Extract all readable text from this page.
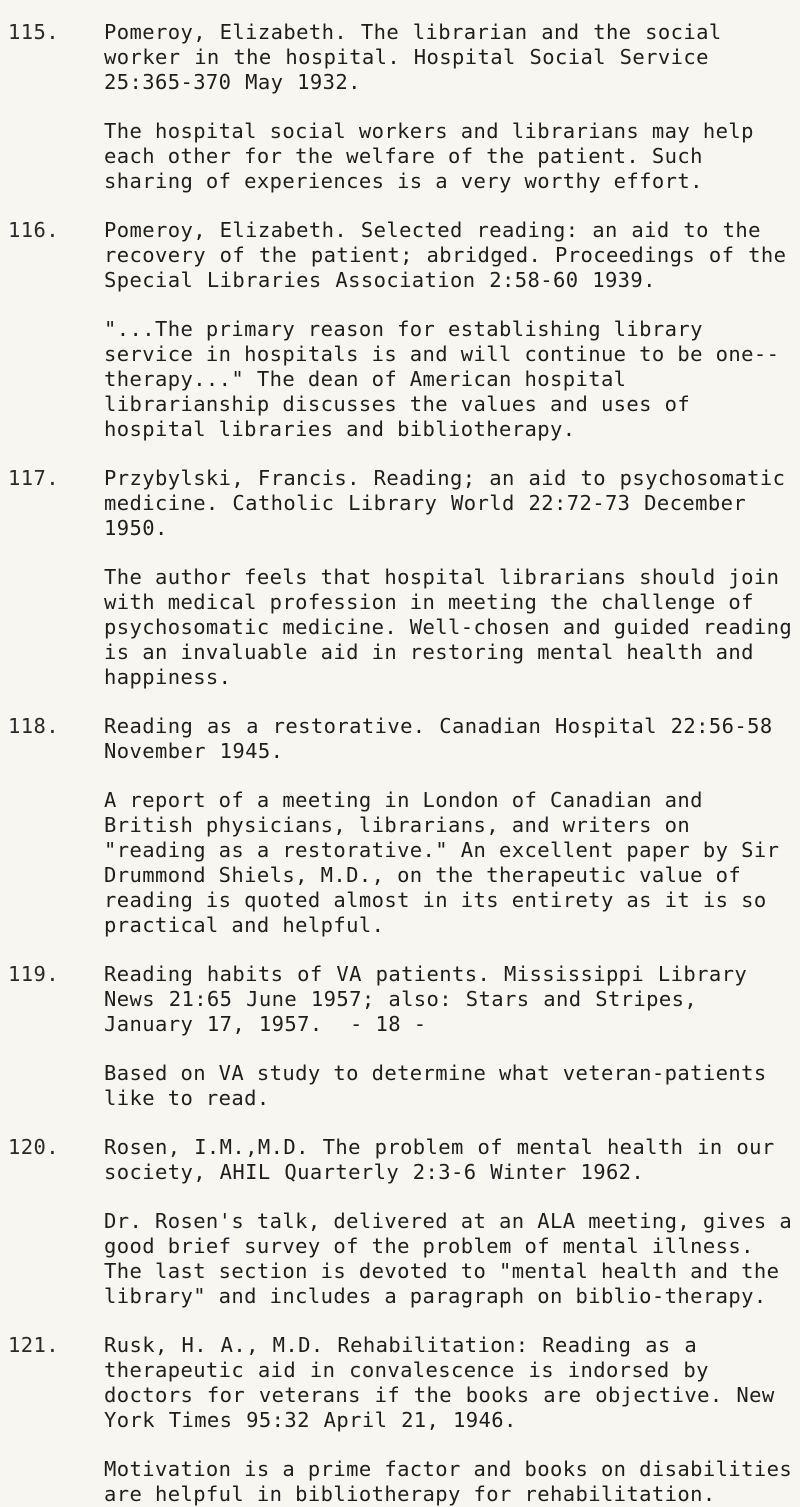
115. Pomeroy, Elizabeth. The librarian and the social worker in the hospital. Hospital Social Service 25:365-370 May 1932.

The hospital social workers and librarians may help each other for the welfare of the patient. Such sharing of experiences is a very worthy effort.

116. Pomeroy, Elizabeth. Selected reading: an aid to the recovery of the patient; abridged. Proceedings of the Special Libraries Association 2:58-60 1939.

"...The primary reason for establishing library service in hospitals is and will continue to be one--therapy..." The dean of American hospital librarianship discusses the values and uses of hospital libraries and bibliotherapy.

117. Przybylski, Francis. Reading; an aid to psychosomatic medicine. Catholic Library World 22:72-73 December 1950.

The author feels that hospital librarians should join with medical profession in meeting the challenge of psychosomatic medicine. Well-chosen and guided reading is an invaluable aid in restoring mental health and happiness.

118. Reading as a restorative. Canadian Hospital 22:56-58 November 1945.

A report of a meeting in London of Canadian and British physicians, librarians, and writers on "reading as a restorative." An excellent paper by Sir Drummond Shiels, M.D., on the therapeutic value of reading is quoted almost in its entirety as it is so practical and helpful.

119. Reading habits of VA patients. Mississippi Library News 21:65 June 1957; also: Stars and Stripes, January 17, 1957.

Based on VA study to determine what veteran-patients like to read.

120. Rosen, I.M.,M.D. The problem of mental health in our society, AHIL Quarterly 2:3-6 Winter 1962.

Dr. Rosen's talk, delivered at an ALA meeting, gives a good brief survey of the problem of mental illness. The last section is devoted to "mental health and the library" and includes a paragraph on biblio-therapy.

121. Rusk, H. A., M.D. Rehabilitation: Reading as a therapeutic aid in convalescence is indorsed by doctors for veterans if the books are objective. New York Times 95:32 April 21, 1946.

Motivation is a prime factor and books on disabilities are helpful in bibliotherapy for rehabilitation.

- 18 -
